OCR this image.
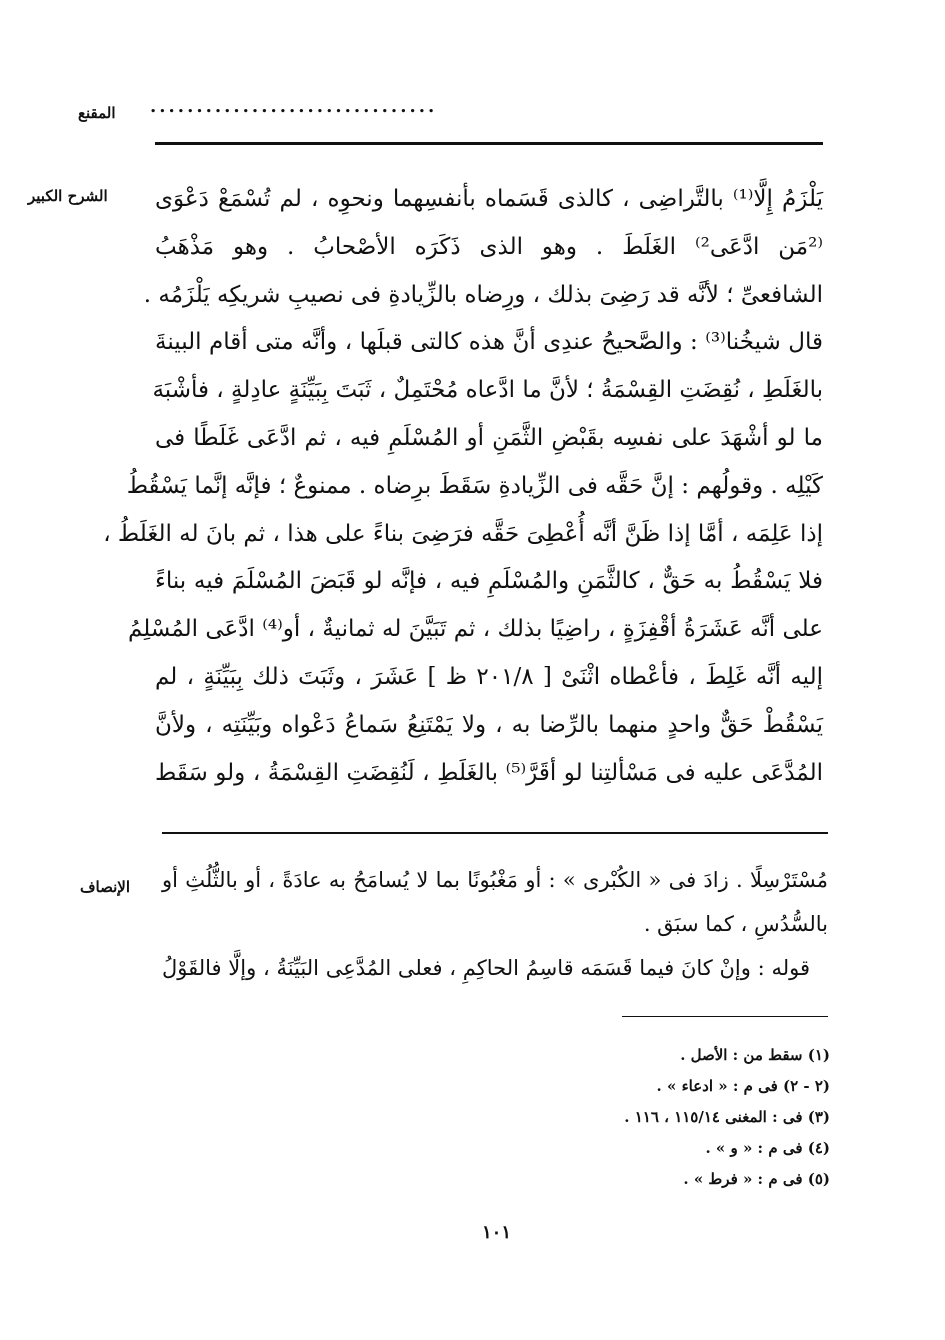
المقنع ...............................
الشرح الكبير يَلْزَمُ إِلَّا⁽¹⁾ بالتَّراضِى ، كالذى قَسَماه بأنفسِهما ونحوِه ، لم تُسْمَعْ دَعْوَى
⁽²مَن ادَّعَى²⁾ الغَلَطَ . وهو الذى ذَكَرَه الأصْحابُ . وهو مَذْهَبُ
الشافعىِّ ؛ لأنَّه قد رَضِىَ بذلك ، ورِضاه بالزِّيادةِ فى نصيبِ شريكِه يَلْزَمُه .
قال شيخُنا⁽³⁾ : والصَّحيحُ عندِى أنَّ هذه كالتى قبلَها ، وأنَّه متى أقام البينةَ
بالغَلَطِ ، نُقِضَتِ القِسْمَةُ ؛ لأنَّ ما ادَّعاه مُحْتَمِلٌ ، ثَبَتَ بِبَيِّنَةٍ عادِلةٍ ، فأشْبَهَ
ما لو أشْهَدَ على نفسِه بقَبْضِ الثَّمَنِ أو المُسْلَمِ فيه ، ثم ادَّعَى غَلَطًا فى
كَيْلِه . وقولُهم : إنَّ حَقَّه فى الزِّيادةِ سَقَطَ برِضاه . ممنوعٌ ؛ فإنَّه إنَّما يَسْقُطُ
إذا عَلِمَه ، أمَّا إذا ظَنَّ أنَّه أُعْطِىَ حَقَّه فرَضِىَ بناءً على هذا ، ثم بانَ له الغَلَطُ ،
فلا يَسْقُطُ به حَقٌّ ، كالثَّمَنِ والمُسْلَمِ فيه ، فإنَّه لو قَبَضَ المُسْلَمَ فيه بناءً
على أنَّه عَشَرَةُ أقْفِزَةٍ ، راضِيًا بذلك ، ثم تَبَيَّنَ له ثمانيةٌ ، أو⁽⁴⁾ ادَّعَى المُسْلِمُ
إليه أنَّه غَلِطَ ، فأعْطاه اثْنَىْ [ ٢٠١/٨ ظ ] عَشَرَ ، وثَبَتَ ذلك بِبَيِّنَةٍ ، لم
يَسْقُطْ حَقٌّ واحدٍ منهما بالرِّضا به ، ولا يَمْتَنِعُ سَماعُ دَعْواه وبَيِّنَتِه ، ولأنَّ
المُدَّعَى عليه فى مَسْألتِنا لو أقَرَّ⁽⁵⁾ بالغَلَطِ ، لَنُقِضَتِ القِسْمَةُ ، ولو سَقَط
الإنصاف مُسْتَرْسِلًا . زادَ فى « الكُبْرى » : أو مَغْبُونًا بما لا يُسامَحُ به عادَةً ، أو بالثُّلُثِ أو
بالسُّدُسِ ، كما سبَق .
قوله : وإنْ كانَ فيما قَسَمَه قاسِمُ الحاكِمِ ، فعلى المُدَّعِى البَيِّنَةُ ، وإلَّا فالقَوْلُ
(١) سقط من : الأصل .
(٢ - ٢) فى م : « ادعاء » .
(٣) فى : المغنى ١١٥/١٤ ، ١١٦ .
(٤) فى م : « و » .
(٥) فى م : « فرط » .
١٠١
